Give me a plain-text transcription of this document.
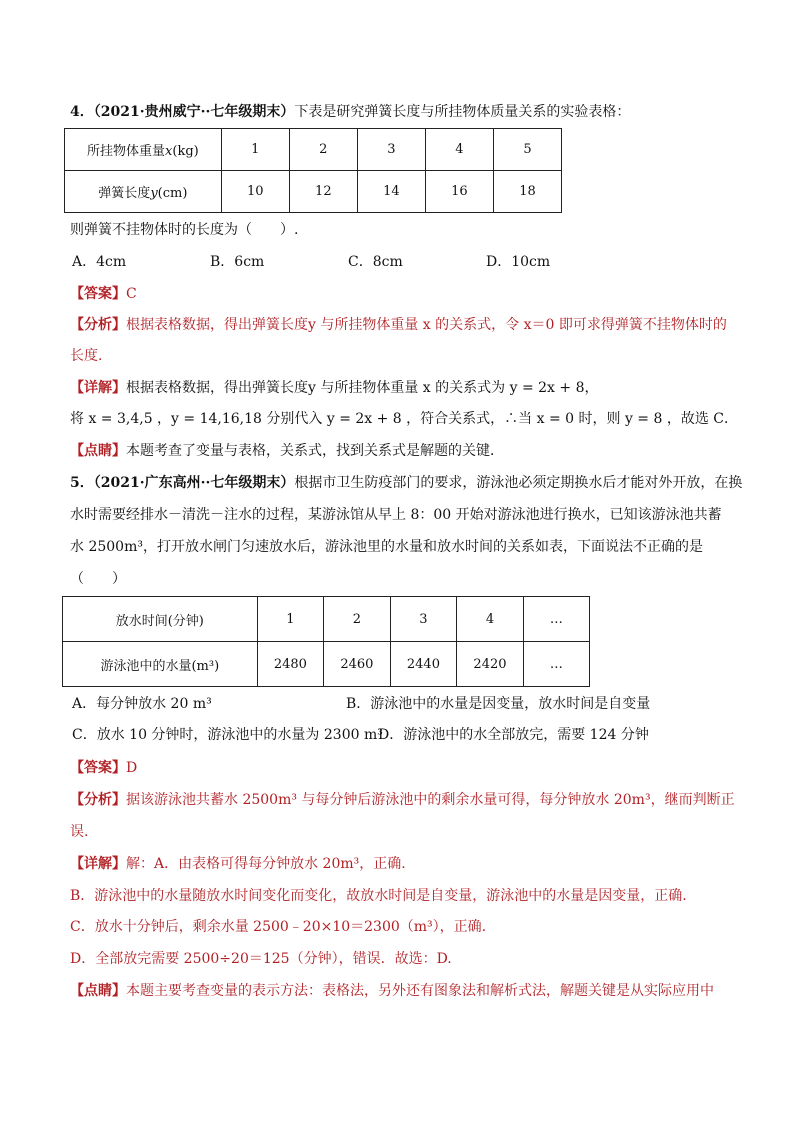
4．（2021·贵州威宁··七年级期末）下表是研究弹簧长度与所挂物体质量关系的实验表格：
所挂物体重量x(kg)	1	2	3	4	5
弹簧长度y(cm)	10	12	14	16	18
则弹簧不挂物体时的长度为（　　）.
A．4cm	B．6cm	C．8cm	D．10cm
【答案】C
【分析】根据表格数据，得出弹簧长度y 与所挂物体重量 x 的关系式，令 x＝0 即可求得弹簧不挂物体时的
长度.
【详解】根据表格数据，得出弹簧长度y 与所挂物体重量 x 的关系式为 y = 2x + 8，
将 x = 3,4,5 ，y = 14,16,18 分别代入 y = 2x + 8 ，符合关系式，∴当 x = 0 时，则 y = 8 ，故选 C．
【点睛】本题考查了变量与表格，关系式，找到关系式是解题的关键．
5．（2021·广东高州··七年级期末）根据市卫生防疫部门的要求，游泳池必须定期换水后才能对外开放，在换
水时需要经排水－清洗－注水的过程，某游泳馆从早上 8：00 开始对游泳池进行换水，已知该游泳池共蓄
水 2500m³，打开放水闸门匀速放水后，游泳池里的水量和放水时间的关系如表，下面说法不正确的是
（　　）
放水时间(分钟)	1	2	3	4	…
游泳池中的水量(m³)	2480	2460	2440	2420	…
A．每分钟放水 20 m³	B．游泳池中的水量是因变量，放水时间是自变量
C．放水 10 分钟时，游泳池中的水量为 2300 m³
D．游泳池中的水全部放完，需要 124 分钟
【答案】D
【分析】据该游泳池共蓄水 2500m³ 与每分钟后游泳池中的剩余水量可得，每分钟放水 20m³，继而判断正
误.
【详解】解：A．由表格可得每分钟放水 20m³，正确.
B．游泳池中的水量随放水时间变化而变化，故放水时间是自变量，游泳池中的水量是因变量，正确.
C．放水十分钟后，剩余水量 2500﹣20×10＝2300（m³），正确.
D．全部放完需要 2500÷20＝125（分钟），错误．故选：D.
【点睛】本题主要考查变量的表示方法：表格法，另外还有图象法和解析式法，解题关键是从实际应用中
